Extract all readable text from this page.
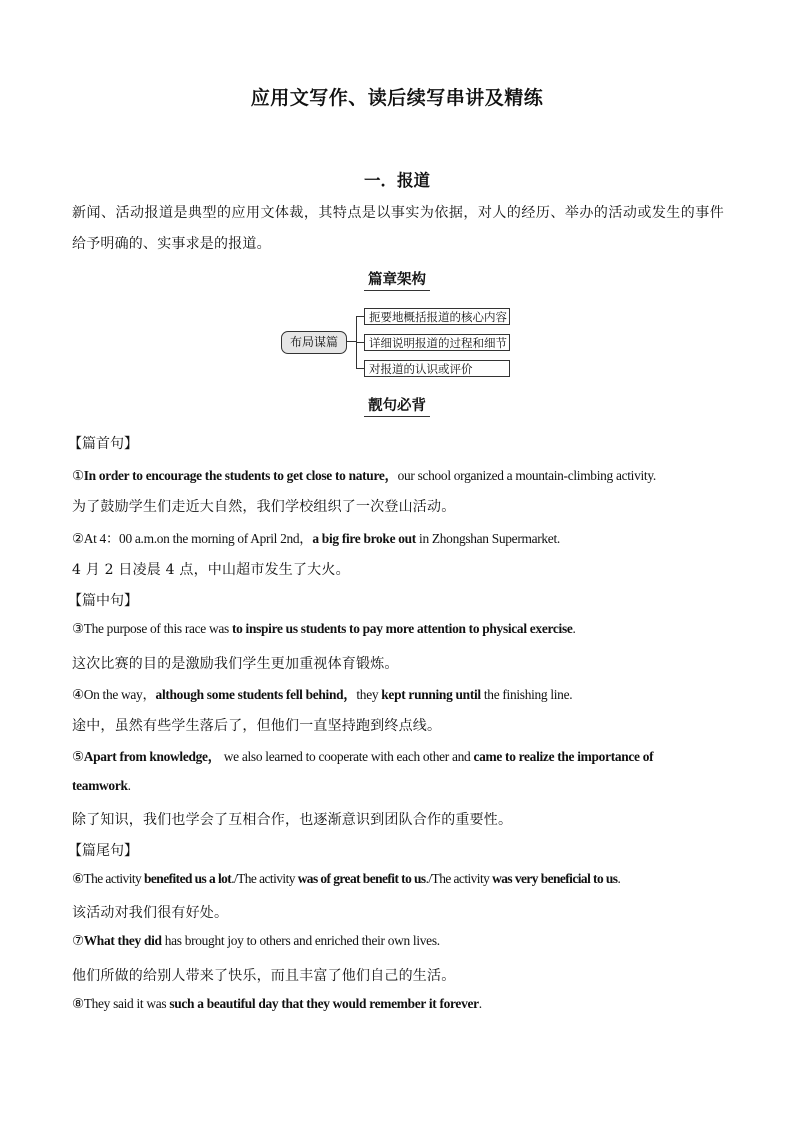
应用文写作、读后续写串讲及精练
一．报道
新闻、活动报道是典型的应用文体裁，其特点是以事实为依据，对人的经历、举办的活动或发生的事件给予明确的、实事求是的报道。
篇章架构
布局谋篇
扼要地概括报道的核心内容
详细说明报道的过程和细节
对报道的认识或评价
靓句必背
【篇首句】
①In order to encourage the students to get close to nature，our school organized a mountain-climbing activity.
为了鼓励学生们走近大自然，我们学校组织了一次登山活动。
②At 4：00 a.m.on the morning of April 2nd，a big fire broke out in Zhongshan Supermarket.
4 月 2 日凌晨 4 点，中山超市发生了大火。
【篇中句】
③The purpose of this race was to inspire us students to pay more attention to physical exercise.
这次比赛的目的是激励我们学生更加重视体育锻炼。
④On the way，although some students fell behind，they kept running until the finishing line.
途中，虽然有些学生落后了，但他们一直坚持跑到终点线。
⑤Apart from knowledge， we also learned to cooperate with each other and came to realize the importance of
teamwork.
除了知识，我们也学会了互相合作，也逐渐意识到团队合作的重要性。
【篇尾句】
⑥The activity benefited us a lot./The activity was of great benefit to us./The activity was very beneficial to us.
该活动对我们很有好处。
⑦What they did has brought joy to others and enriched their own lives.
他们所做的给别人带来了快乐，而且丰富了他们自己的生活。
⑧They said it was such a beautiful day that they would remember it forever.
